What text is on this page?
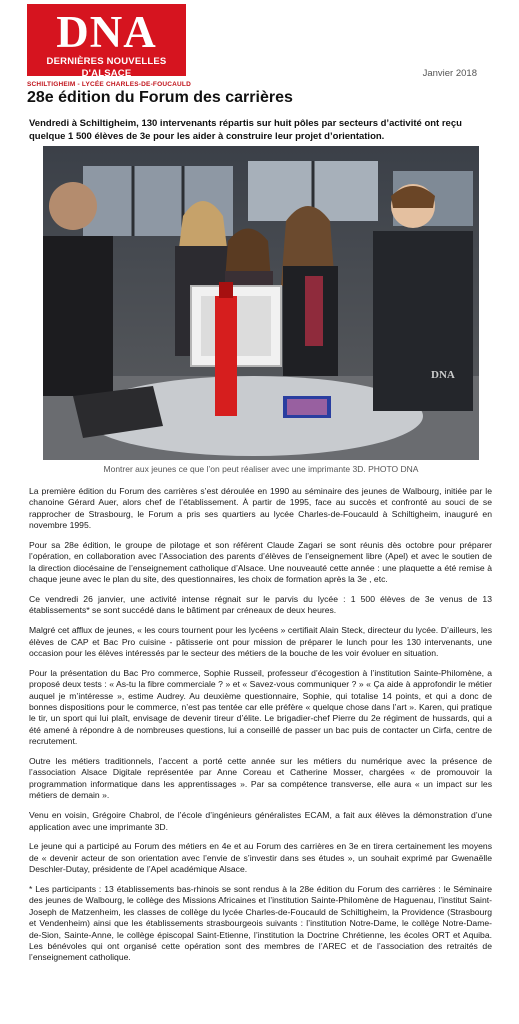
DNA
DERNIÈRES NOUVELLES D'ALSACE	Janvier 2018
SCHILTIGHEIM - LYCÉE CHARLES-DE-FOUCAULD
28e édition du Forum des carrières
Vendredi à Schiltigheim, 130 intervenants répartis sur huit pôles par secteurs d’activité ont reçu quelque 1 500 élèves de 3e pour les aider à construire leur projet d’orientation.
DNA
Montrer aux jeunes ce que l’on peut réaliser avec une imprimante 3D. PHOTO DNA

La première édition du Forum des carrières s’est déroulée en 1990 au séminaire des jeunes de Walbourg, initiée par le chanoine Gérard Auer, alors chef de l’établissement. À partir de 1995, face au succès et confronté au souci de se rapprocher de Strasbourg, le Forum a pris ses quartiers au lycée Charles-de-Foucauld à Schiltigheim, inauguré en novembre 1995.

Pour sa 28e édition, le groupe de pilotage et son référent Claude Zagari se sont réunis dès octobre pour préparer l’opération, en collaboration avec l’Association des parents d’élèves de l’enseignement libre (Apel) et avec le soutien de la direction diocésaine de l’enseignement catholique d’Alsace. Une nouveauté cette année : une plaquette a été remise à chaque jeune avec le plan du site, des questionnaires, les choix de formation après la 3e , etc.

Ce vendredi 26 janvier, une activité intense régnait sur le parvis du lycée : 1 500 élèves de 3e venus de 13 établissements* se sont succédé dans le bâtiment par créneaux de deux heures.

Malgré cet afflux de jeunes, « les cours tournent pour les lycéens » certifiait Alain Steck, directeur du lycée. D’ailleurs, les élèves de CAP et Bac Pro cuisine - pâtisserie ont pour mission de préparer le lunch pour les 130 intervenants, une occasion pour les élèves intéressés par le secteur des métiers de la bouche de les voir évoluer en situation.

Pour la présentation du Bac Pro commerce, Sophie Russeil, professeur d’écogestion à l’institution Sainte-Philomène, a proposé deux tests : « As-tu la fibre commerciale ? » et « Savez-vous communiquer ? » « Ça aide à approfondir le métier auquel je m’intéresse », estime Audrey. Au deuxième questionnaire, Sophie, qui totalise 14 points, et qui a donc de bonnes dispositions pour le commerce, n’est pas tentée car elle préfère « quelque chose dans l’art ». Karen, qui pratique le tir, un sport qui lui plaît, envisage de devenir tireur d’élite. Le brigadier-chef Pierre du 2e régiment de hussards, qui a été amené à répondre à de nombreuses questions, lui a conseillé de passer un bac puis de contacter un Cirfa, centre de recrutement.

Outre les métiers traditionnels, l’accent a porté cette année sur les métiers du numérique avec la présence de l’association Alsace Digitale représentée par Anne Coreau et Catherine Mosser, chargées « de promouvoir la programmation informatique dans les apprentissages ». Par sa compétence transverse, elle aura « un impact sur les métiers de demain ».

Venu en voisin, Grégoire Chabrol, de l’école d’ingénieurs généralistes ECAM, a fait aux élèves la démonstration d’une application avec une imprimante 3D.

Le jeune qui a participé au Forum des métiers en 4e et au Forum des carrières en 3e en tirera certainement les moyens de « devenir acteur de son orientation avec l’envie de s’investir dans ses études », un souhait exprimé par Gwenaëlle Deschler-Dutay, présidente de l’Apel académique Alsace.

* Les participants : 13 établissements bas-rhinois se sont rendus à la 28e édition du Forum des carrières : le Séminaire des jeunes de Walbourg, le collège des Missions Africaines et l’institution Sainte-Philomène de Haguenau, l’institut Saint-Joseph de Matzenheim, les classes de collège du lycée Charles-de-Foucauld de Schiltigheim, la Providence (Strasbourg et Vendenheim) ainsi que les établissements strasbourgeois suivants : l’institution Notre-Dame, le collège Notre-Dame-de-Sion, Sainte-Anne, le collège épiscopal Saint-Etienne, l’institution la Doctrine Chrétienne, les écoles ORT et Aquiba. Les bénévoles qui ont organisé cette opération sont des membres de l’AREC et de l’association des retraités de l’enseignement catholique.
